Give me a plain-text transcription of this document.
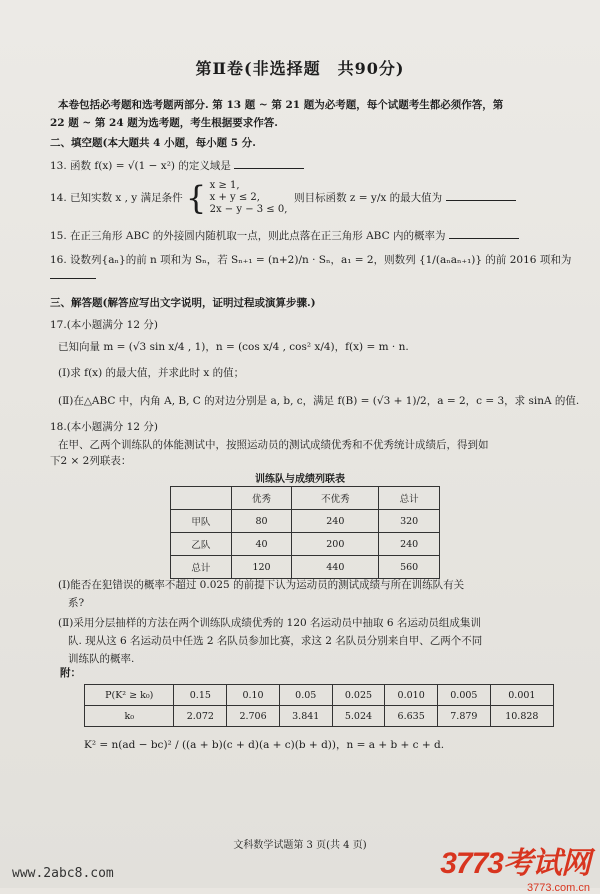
第Ⅱ卷(非选择题　共90分)
本卷包括必考题和选考题两部分. 第 13 题 ~ 第 21 题为必考题，每个试题考生都必须作答，第
22 题 ~ 第 24 题为选考题，考生根据要求作答.
二、填空题(本大题共 4 小题，每小题 5 分.
13. 函数 f(x) = √(1 − x²) 的定义域是
14. 已知实数 x , y 满足条件 { x ≥ 1,
x + y ≤ 2,
2x − y − 3 ≤ 0,
则目标函数 z = y/x 的最大值为
15. 在正三角形 ABC 的外接圆内随机取一点，则此点落在正三角形 ABC 内的概率为
16. 设数列{aₙ}的前 n 项和为 Sₙ，若 Sₙ₊₁ = (n+2)/n · Sₙ，a₁ = 2，则数列 {1/(aₙaₙ₊₁)} 的前 2016 项和为
三、解答题(解答应写出文字说明，证明过程或演算步骤.)
17.(本小题满分 12 分)
已知向量 m = (√3 sin x/4 , 1)，n = (cos x/4 , cos² x/4)，f(x) = m · n.
(Ⅰ)求 f(x) 的最大值，并求此时 x 的值；
(Ⅱ)在△ABC 中，内角 A, B, C 的对边分别是 a, b, c，满足 f(B) = (√3 + 1)/2，a = 2，c = 3，求 sinA 的值.
18.(本小题满分 12 分)
在甲、乙两个训练队的体能测试中，按照运动员的测试成绩优秀和不优秀统计成绩后，得到如
下2 × 2列联表：
训练队与成绩列联表
	优秀	不优秀	总计
甲队	80	240	320
乙队	40	200	240
总计	120	440	560
(Ⅰ)能否在犯错误的概率不超过 0.025 的前提下认为运动员的测试成绩与所在训练队有关
系?
(Ⅱ)采用分层抽样的方法在两个训练队成绩优秀的 120 名运动员中抽取 6 名运动员组成集训
队. 现从这 6 名运动员中任选 2 名队员参加比赛，求这 2 名队员分别来自甲、乙两个不同
训练队的概率.
附：
P(K² ≥ k₀)	0.15	0.10	0.05	0.025	0.010	0.005	0.001
k₀	2.072	2.706	3.841	5.024	6.635	7.879	10.828
K² = n(ad − bc)² / ((a + b)(c + d)(a + c)(b + d))，n = a + b + c + d.
文科数学试题第 3 页(共 4 页)
www.2abc8.com	3773考试网
3773.com.cn
